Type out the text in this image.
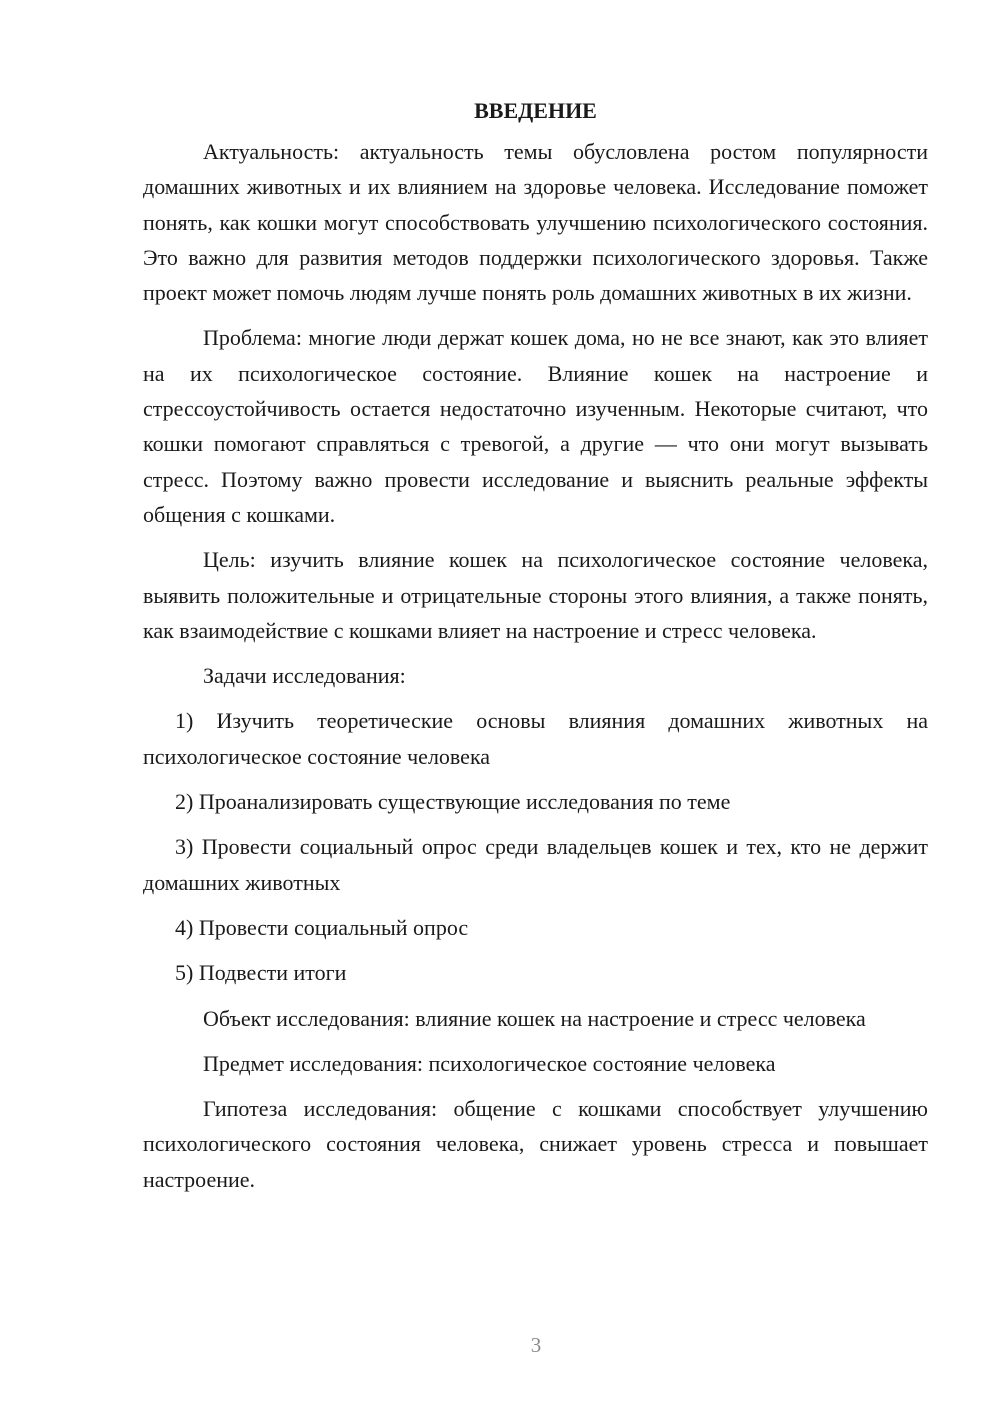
ВВЕДЕНИЕ

Актуальность: актуальность темы обусловлена ростом популярности домашних животных и их влиянием на здоровье человека. Исследование поможет понять, как кошки могут способствовать улучшению психологического состояния. Это важно для развития методов поддержки психологического здоровья. Также проект может помочь людям лучше понять роль домашних животных в их жизни.

Проблема: многие люди держат кошек дома, но не все знают, как это влияет на их психологическое состояние. Влияние кошек на настроение и стрессоустойчивость остается недостаточно изученным. Некоторые считают, что кошки помогают справляться с тревогой, а другие — что они могут вызывать стресс. Поэтому важно провести исследование и выяснить реальные эффекты общения с кошками.

Цель: изучить влияние кошек на психологическое состояние человека, выявить положительные и отрицательные стороны этого влияния, а также понять, как взаимодействие с кошками влияет на настроение и стресс человека.

Задачи исследования:

1) Изучить теоретические основы влияния домашних животных на психологическое состояние человека

2) Проанализировать существующие исследования по теме

3) Провести социальный опрос среди владельцев кошек и тех, кто не держит домашних животных

4) Провести социальный опрос

5) Подвести итоги

Объект исследования: влияние кошек на настроение и стресс человека

Предмет исследования: психологическое состояние человека

Гипотеза исследования: общение с кошками способствует улучшению психологического состояния человека, снижает уровень стресса и повышает настроение.

3
